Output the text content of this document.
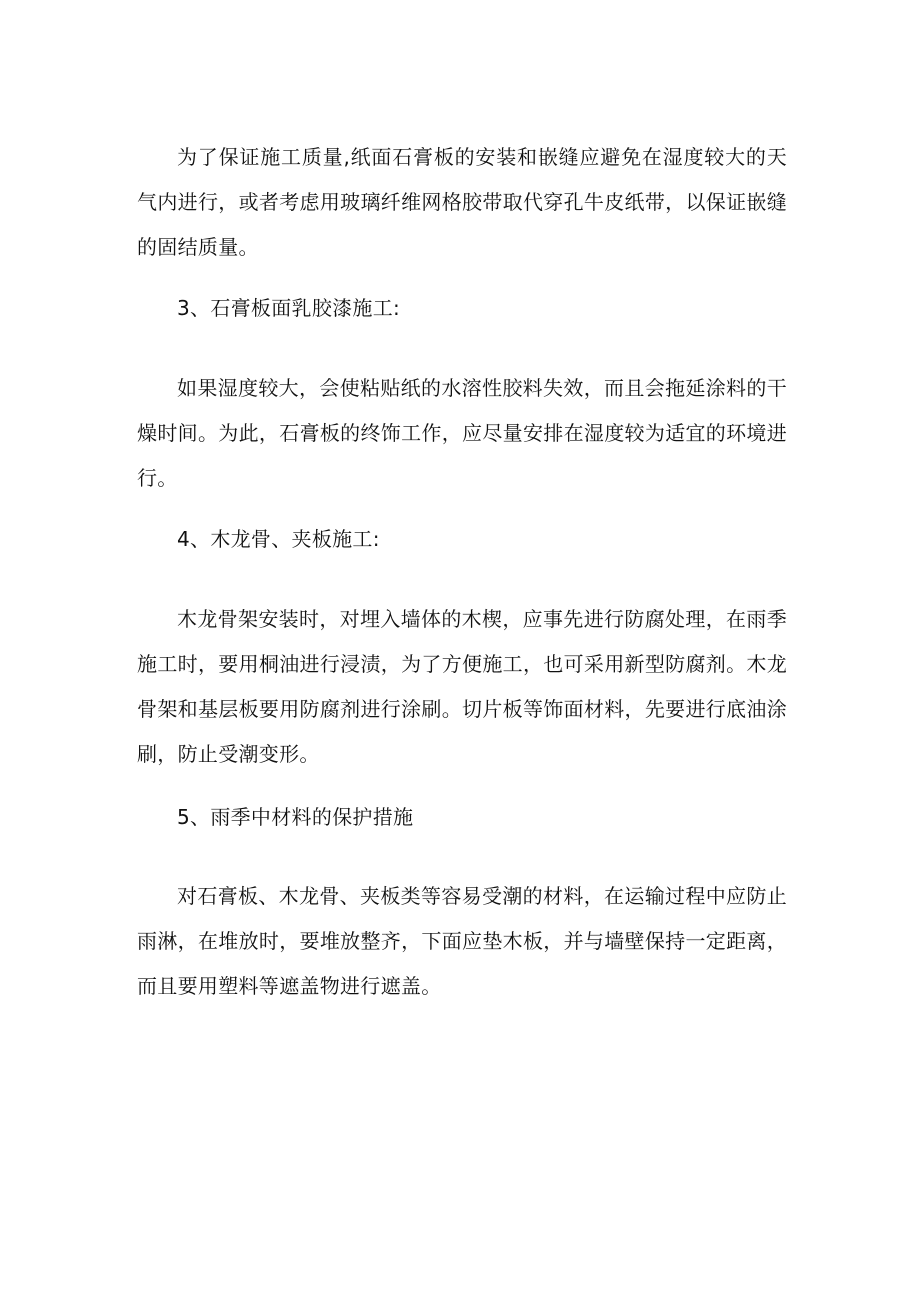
为了保证施工质量,纸面石膏板的安装和嵌缝应避免在湿度较大的天气内进行，或者考虑用玻璃纤维网格胶带取代穿孔牛皮纸带，以保证嵌缝的固结质量。

3、石膏板面乳胶漆施工:

如果湿度较大，会使粘贴纸的水溶性胶料失效，而且会拖延涂料的干燥时间。为此，石膏板的终饰工作，应尽量安排在湿度较为适宜的环境进行。

4、木龙骨、夹板施工:

木龙骨架安装时，对埋入墙体的木楔，应事先进行防腐处理，在雨季施工时，要用桐油进行浸渍，为了方便施工，也可采用新型防腐剂。木龙骨架和基层板要用防腐剂进行涂刷。切片板等饰面材料，先要进行底油涂刷，防止受潮变形。

5、雨季中材料的保护措施

对石膏板、木龙骨、夹板类等容易受潮的材料，在运输过程中应防止雨淋，在堆放时，要堆放整齐，下面应垫木板，并与墙壁保持一定距离，而且要用塑料等遮盖物进行遮盖。
